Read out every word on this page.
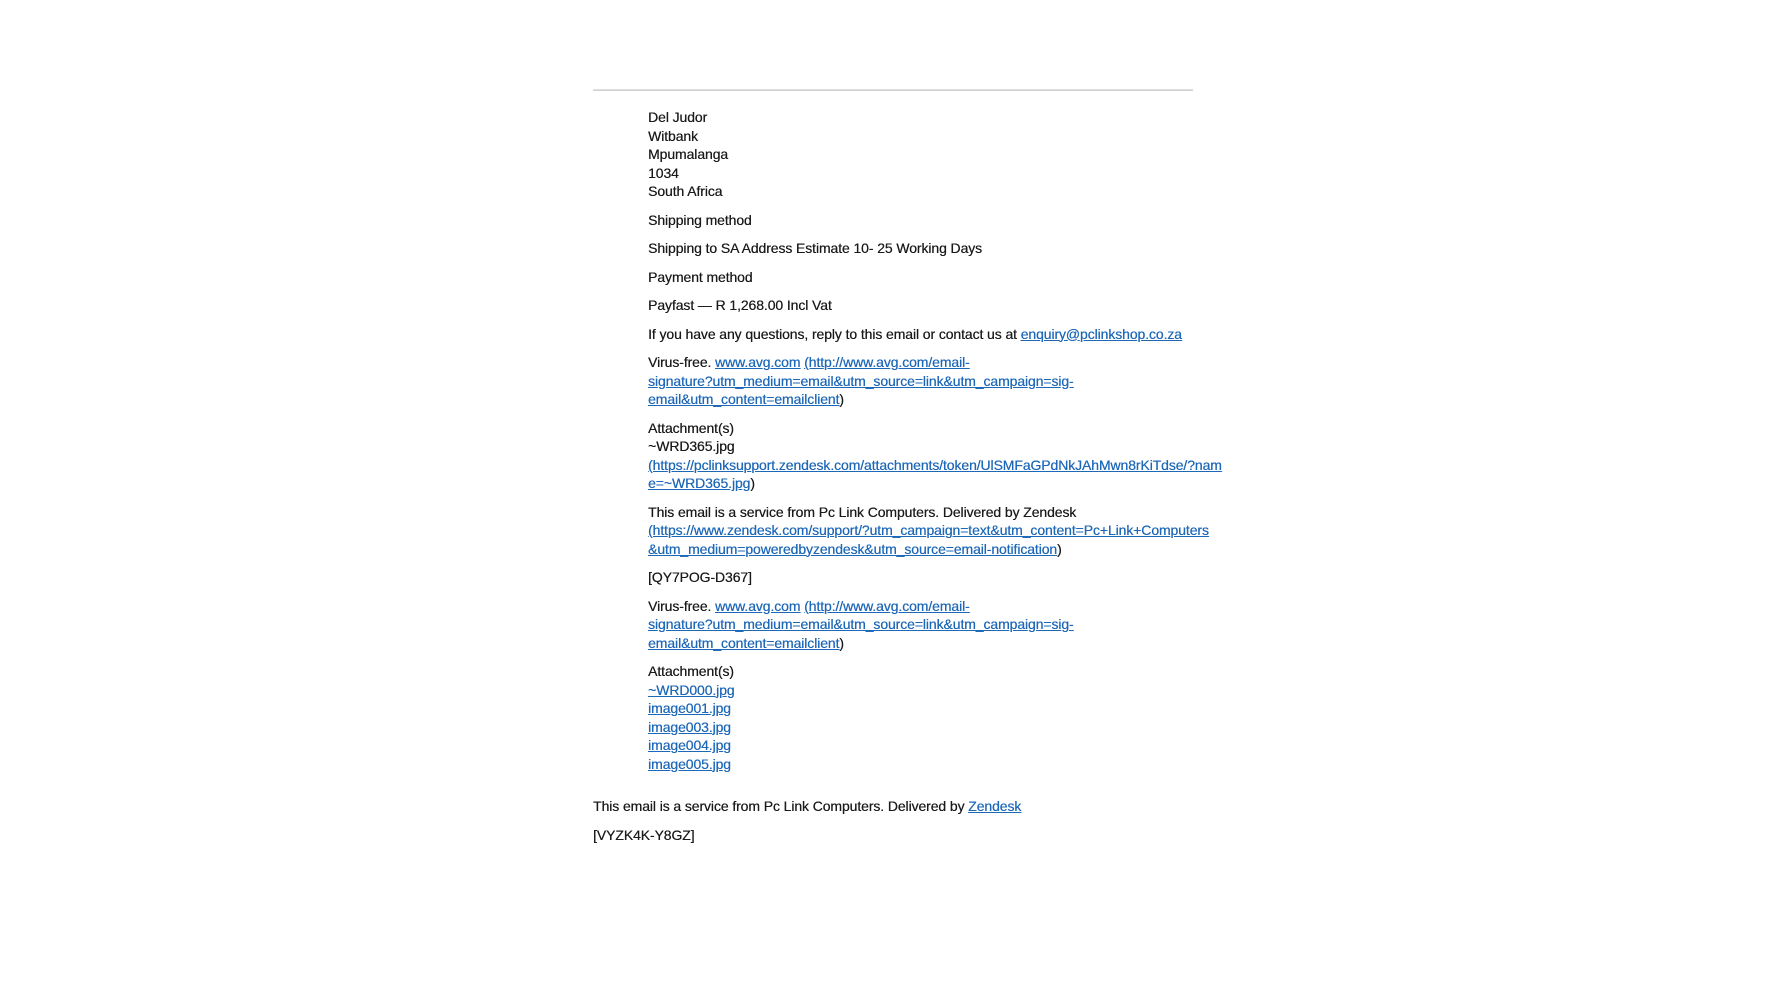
Del Judor
Witbank
Mpumalanga
1034
South Africa

Shipping method

Shipping to SA Address Estimate 10- 25 Working Days

Payment method

Payfast — R 1,268.00 Incl Vat

If you have any questions, reply to this email or contact us at enquiry@pclinkshop.co.za

Virus-free. www.avg.com (http://www.avg.com/email-
signature?utm_medium=email&utm_source=link&utm_campaign=sig-
email&utm_content=emailclient)

Attachment(s)
~WRD365.jpg
(https://pclinksupport.zendesk.com/attachments/token/UlSMFaGPdNkJAhMwn8rKiTdse/?nam
e=~WRD365.jpg)

This email is a service from Pc Link Computers. Delivered by Zendesk
(https://www.zendesk.com/support/?utm_campaign=text&utm_content=Pc+Link+Computers
&utm_medium=poweredbyzendesk&utm_source=email-notification)

[QY7POG-D367]

Virus-free. www.avg.com (http://www.avg.com/email-
signature?utm_medium=email&utm_source=link&utm_campaign=sig-
email&utm_content=emailclient)

Attachment(s)
~WRD000.jpg
image001.jpg
image003.jpg
image004.jpg
image005.jpg

This email is a service from Pc Link Computers. Delivered by Zendesk

[VYZK4K-Y8GZ]
